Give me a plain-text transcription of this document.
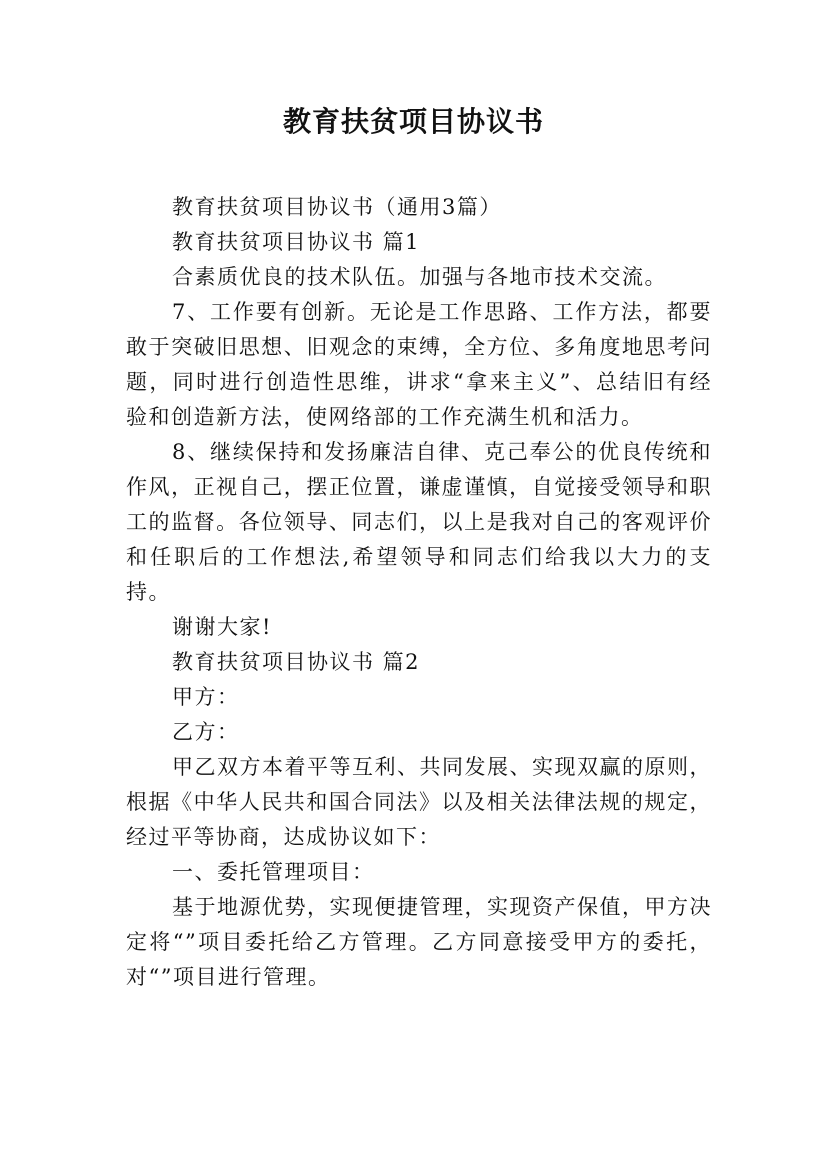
教育扶贫项目协议书

教育扶贫项目协议书（通用3篇）

教育扶贫项目协议书 篇1

合素质优良的技术队伍。加强与各地市技术交流。

7、工作要有创新。无论是工作思路、工作方法，都要敢于突破旧思想、旧观念的束缚，全方位、多角度地思考问题，同时进行创造性思维，讲求“拿来主义”、总结旧有经验和创造新方法，使网络部的工作充满生机和活力。

8、继续保持和发扬廉洁自律、克己奉公的优良传统和作风，正视自己，摆正位置，谦虚谨慎，自觉接受领导和职工的监督。各位领导、同志们，以上是我对自己的客观评价和任职后的工作想法,希望领导和同志们给我以大力的支持。

谢谢大家!

教育扶贫项目协议书 篇2

甲方：

乙方：

甲乙双方本着平等互利、共同发展、实现双赢的原则，根据《中华人民共和国合同法》以及相关法律法规的规定，经过平等协商，达成协议如下：

一、委托管理项目：

基于地源优势，实现便捷管理，实现资产保值，甲方决定将“”项目委托给乙方管理。乙方同意接受甲方的委托，对“”项目进行管理。
